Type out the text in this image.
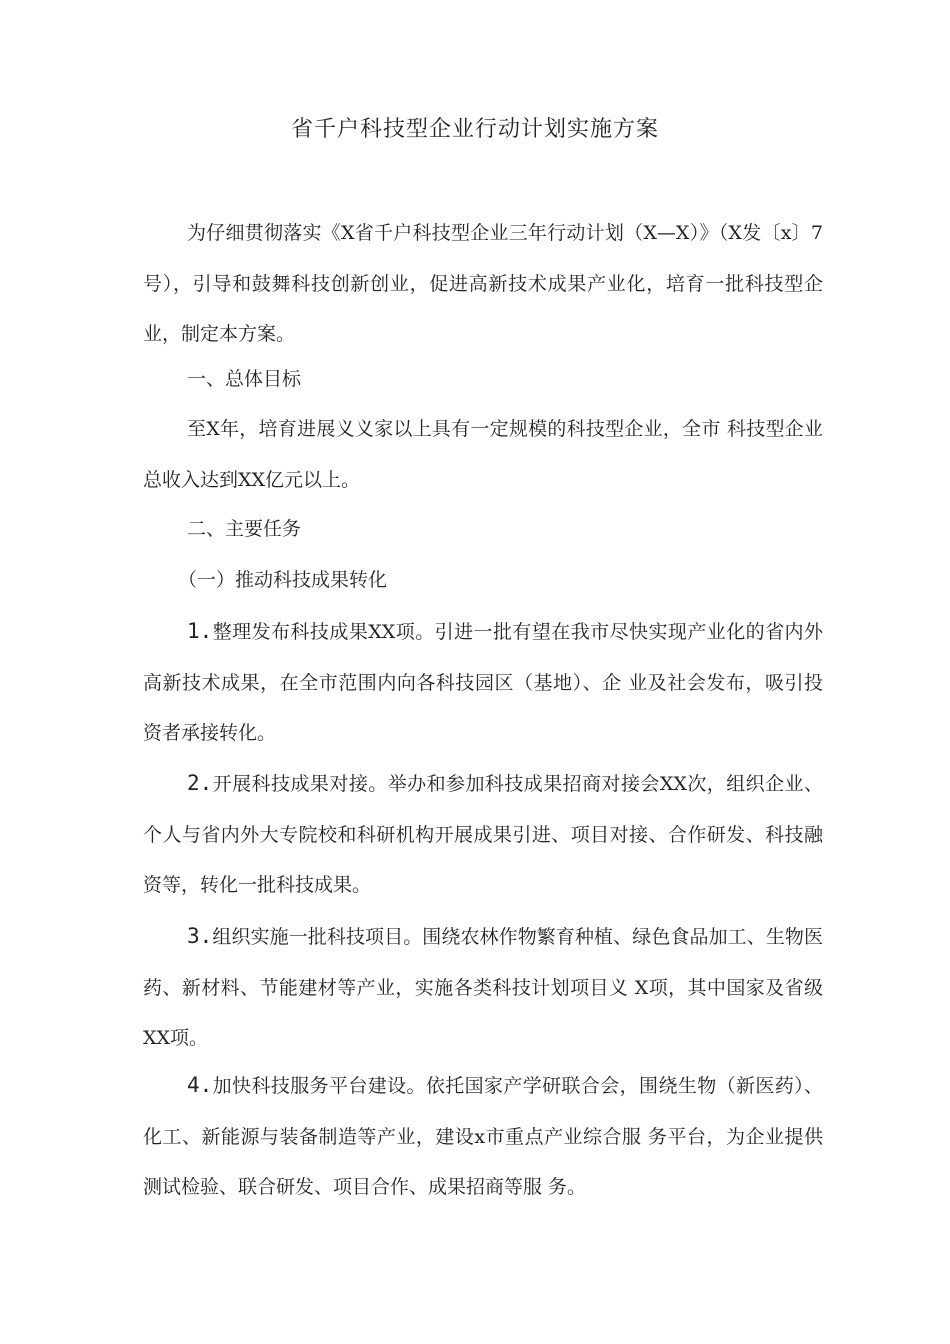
省千户科技型企业行动计划实施方案

为仔细贯彻落实《X省千户科技型企业三年行动计划（X—X）》（X发〔x〕7号），引导和鼓舞科技创新创业，促进高新技术成果产业化，培育一批科技型企业，制定本方案。

一、总体目标

至X年，培育进展义义家以上具有一定规模的科技型企业，全市 科技型企业总收入达到XX亿元以上。

二、主要任务

（一）推动科技成果转化

1.整理发布科技成果XX项。引进一批有望在我市尽快实现产业化的省内外高新技术成果，在全市范围内向各科技园区（基地）、企 业及社会发布，吸引投资者承接转化。

2.开展科技成果对接。举办和参加科技成果招商对接会XX次，组织企业、个人与省内外大专院校和科研机构开展成果引进、项目对接、合作研发、科技融资等，转化一批科技成果。

3.组织实施一批科技项目。围绕农林作物繁育种植、绿色食品加工、生物医药、新材料、节能建材等产业，实施各类科技计划项目义 X项，其中国家及省级XX项。

4.加快科技服务平台建设。依托国家产学研联合会，围绕生物（新医药）、化工、新能源与装备制造等产业，建设x市重点产业综合服 务平台，为企业提供测试检验、联合研发、项目合作、成果招商等服 务。
